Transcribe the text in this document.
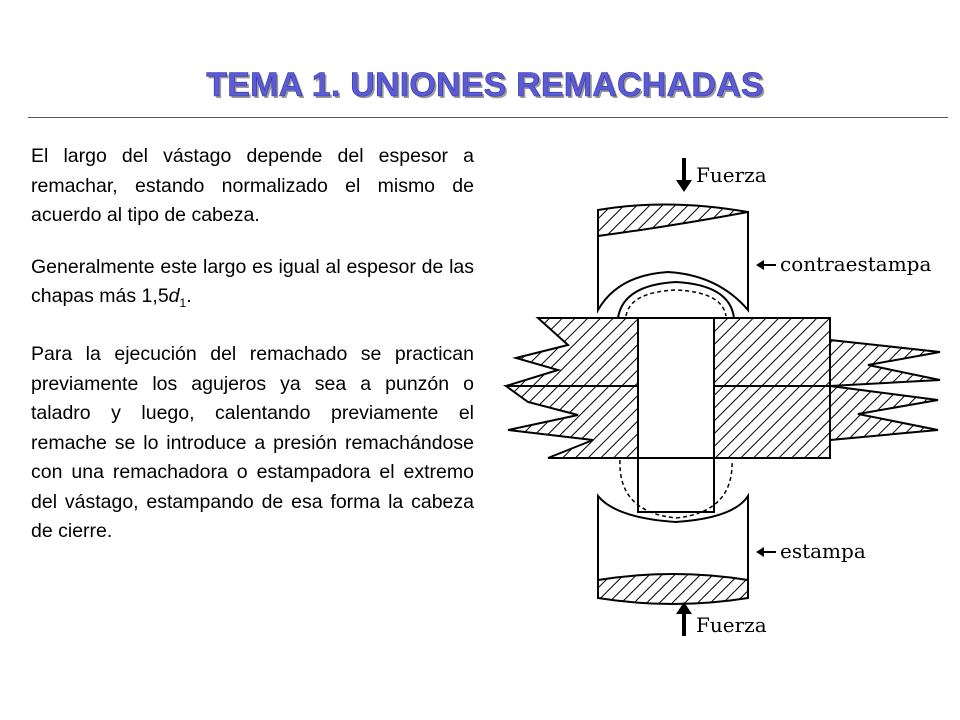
TEMA 1. UNIONES REMACHADAS

El largo del vástago depende del espesor a remachar, estando normalizado el mismo de acuerdo al tipo de cabeza.

Generalmente este largo es igual al espesor de las chapas más $1,5d_1$.

Para la ejecución del remachado se practican previamente los agujeros ya sea a punzón o taladro y luego, calentando previamente el remache se lo introduce a presión remachándose con una remachadora o estampadora el extremo del vástago, estampando de esa forma la cabeza de cierre.

Fuerza
contraestampa
estampa
Fuerza
